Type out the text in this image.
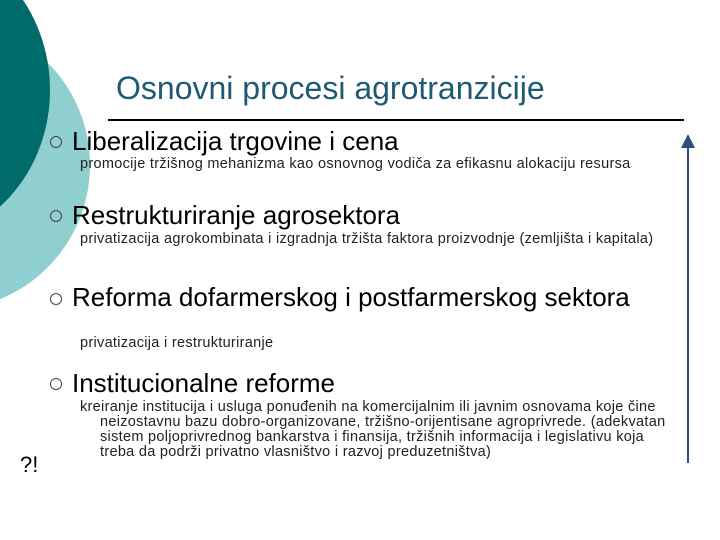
Osnovni procesi agrotranzicije
Liberalizacija trgovine i cena
promocije tržišnog mehanizma kao osnovnog vodiča za efikasnu alokaciju resursa
Restrukturiranje agrosektora
privatizacija agrokombinata i izgradnja tržišta faktora proizvodnje (zemljišta i kapitala)
Reforma dofarmerskog i postfarmerskog sektora
privatizacija i restrukturiranje
Institucionalne reforme
kreiranje institucija i usluga ponuđenih na komercijalnim ili javnim osnovama koje čine neizostavnu bazu dobro-organizovane, tržišno-orijentisane agroprivrede. (adekvatan sistem poljoprivrednog bankarstva i finansija, tržišnih informacija i legislativu koja treba da podrži privatno vlasništvo i razvoj preduzetništva)
?!
